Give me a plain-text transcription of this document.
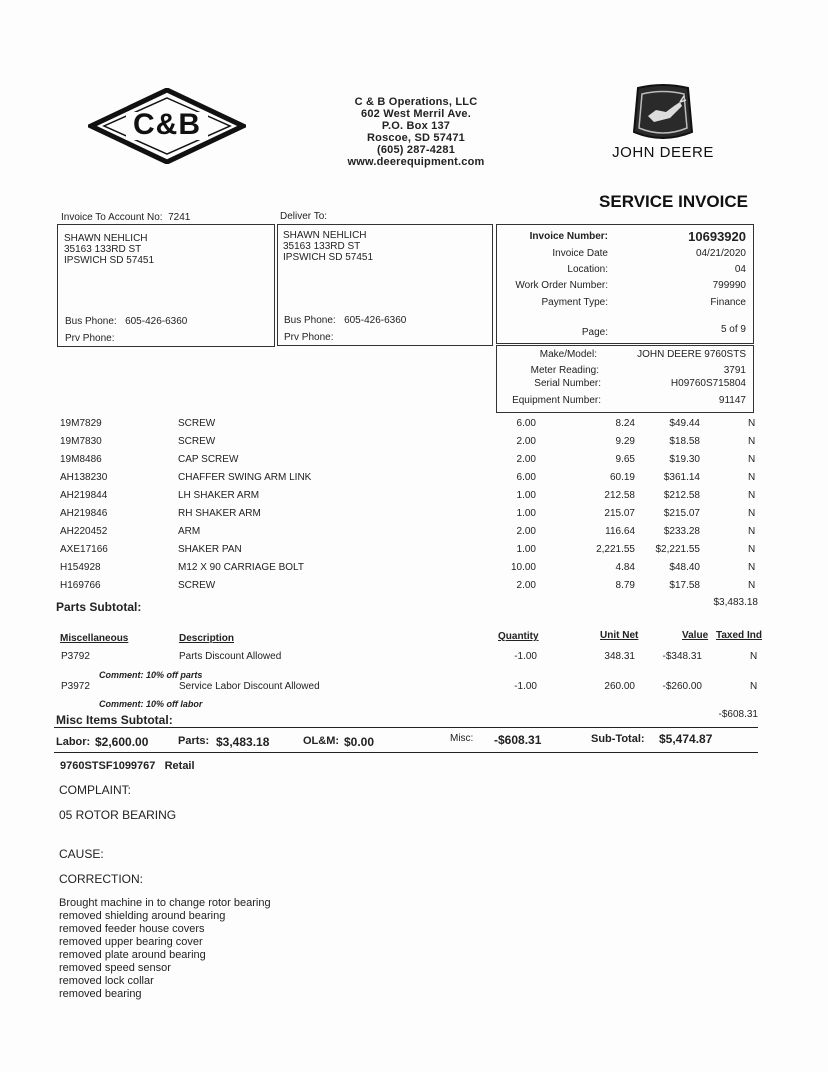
C&B
C & B Operations, LLC
602 West Merril Ave.
P.O. Box 137
Roscoe, SD 57471
(605) 287-4281
www.deerequipment.com
JOHN DEERE
SERVICE INVOICE
Invoice To Account No: 7241
SHAWN NEHLICH
35163 133RD ST
IPSWICH SD 57451
Bus Phone: 605-426-6360
Prv Phone:
Deliver To:
SHAWN NEHLICH
35163 133RD ST
IPSWICH SD 57451
Bus Phone: 605-426-6360
Prv Phone:
Invoice Number:	10693920
Invoice Date	04/21/2020
Location:	04
Work Order Number:	799990
Payment Type:	Finance
Page:	5 of 9
Make/Model:	JOHN DEERE 9760STS
Meter Reading:	3791
Serial Number:	H09760S715804
Equipment Number:	91147
19M7829	SCREW	6.00	8.24	$49.44	N
19M7830	SCREW	2.00	9.29	$18.58	N
19M8486	CAP SCREW	2.00	9.65	$19.30	N
AH138230	CHAFFER SWING ARM LINK	6.00	60.19	$361.14	N
AH219844	LH SHAKER ARM	1.00	212.58	$212.58	N
AH219846	RH SHAKER ARM	1.00	215.07	$215.07	N
AH220452	ARM	2.00	116.64	$233.28	N
AXE17166	SHAKER PAN	1.00	2,221.55	$2,221.55	N
H154928	M12 X 90 CARRIAGE BOLT	10.00	4.84	$48.40	N
H169766	SCREW	2.00	8.79	$17.58	N
Parts Subtotal:	$3,483.18
Miscellaneous	Description	Quantity	Unit Net	Value Taxed Ind
P3792	Parts Discount Allowed	-1.00	348.31	-$348.31	N
Comment: 10% off parts
P3972	Service Labor Discount Allowed	-1.00	260.00	-$260.00	N
Comment: 10% off labor
Misc Items Subtotal:	-$608.31
Labor: $2,600.00	Parts: $3,483.18	OL&M: $0.00	Misc: -$608.31	Sub-Total: $5,474.87
9760STSF1099767 Retail
COMPLAINT:
05 ROTOR BEARING
CAUSE:
CORRECTION:
Brought machine in to change rotor bearing
removed shielding around bearing
removed feeder house covers
removed upper bearing cover
removed plate around bearing
removed speed sensor
removed lock collar
removed bearing
